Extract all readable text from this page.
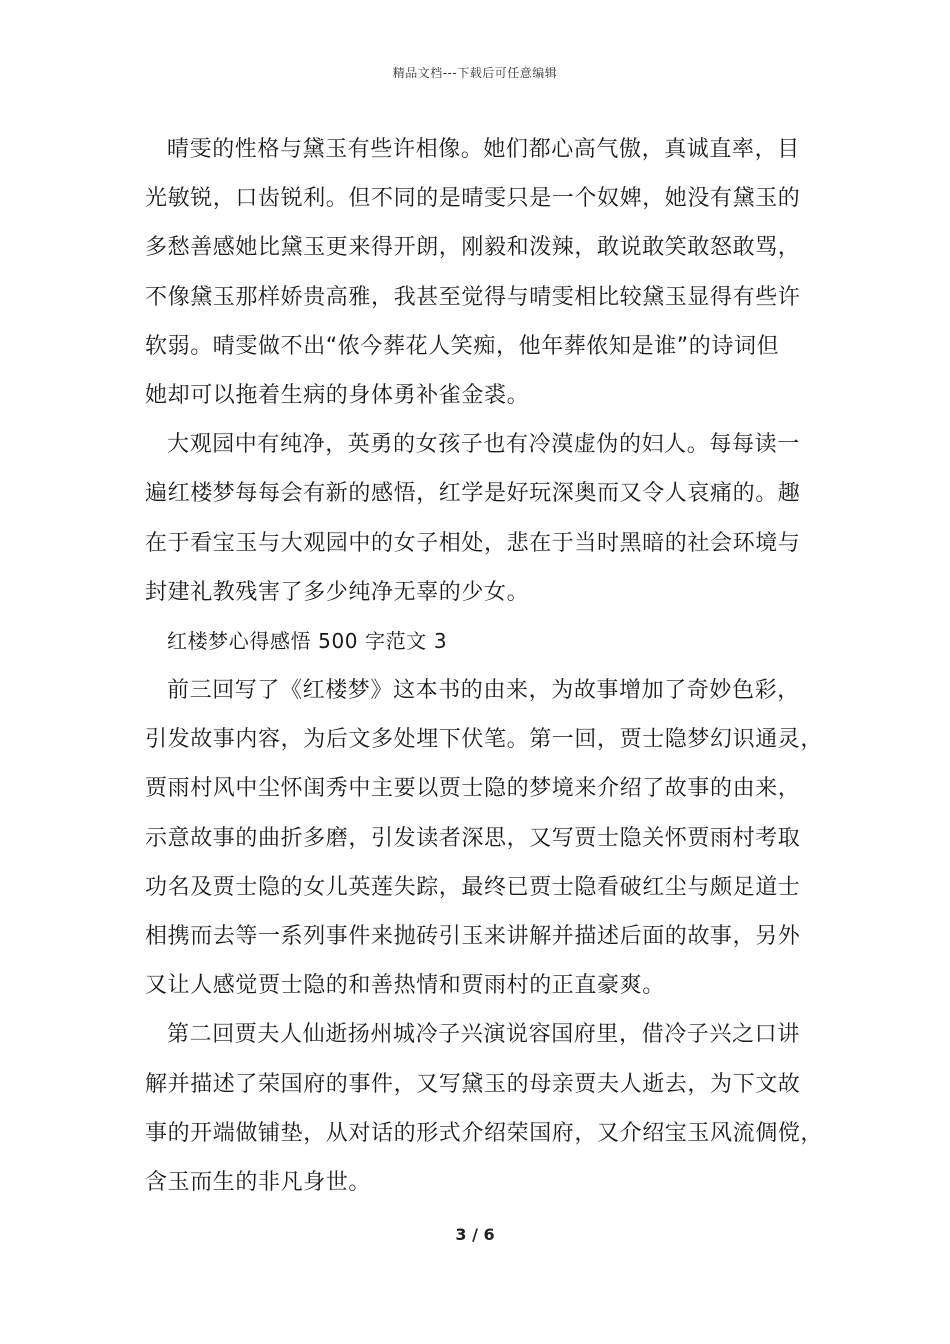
精品文档---下载后可任意编辑
晴雯的性格与黛玉有些许相像。她们都心高气傲，真诚直率，目
光敏锐，口齿锐利。但不同的是晴雯只是一个奴婢，她没有黛玉的
多愁善感她比黛玉更来得开朗，刚毅和泼辣，敢说敢笑敢怒敢骂，
不像黛玉那样娇贵高雅，我甚至觉得与晴雯相比较黛玉显得有些许
软弱。晴雯做不出“侬今葬花人笑痴，他年葬侬知是谁”的诗词但
她却可以拖着生病的身体勇补雀金裘。
大观园中有纯净，英勇的女孩子也有冷漠虚伪的妇人。每每读一
遍红楼梦每每会有新的感悟，红学是好玩深奥而又令人哀痛的。趣
在于看宝玉与大观园中的女子相处，悲在于当时黑暗的社会环境与
封建礼教残害了多少纯净无辜的少女。
红楼梦心得感悟 500 字范文 3
前三回写了《红楼梦》这本书的由来，为故事增加了奇妙色彩，
引发故事内容，为后文多处埋下伏笔。第一回，贾士隐梦幻识通灵，
贾雨村风中尘怀闺秀中主要以贾士隐的梦境来介绍了故事的由来，
示意故事的曲折多磨，引发读者深思，又写贾士隐关怀贾雨村考取
功名及贾士隐的女儿英莲失踪，最终已贾士隐看破红尘与颇足道士
相携而去等一系列事件来抛砖引玉来讲解并描述后面的故事，另外
又让人感觉贾士隐的和善热情和贾雨村的正直豪爽。
第二回贾夫人仙逝扬州城冷子兴演说容国府里，借冷子兴之口讲
解并描述了荣国府的事件，又写黛玉的母亲贾夫人逝去，为下文故
事的开端做铺垫，从对话的形式介绍荣国府，又介绍宝玉风流倜傥，
含玉而生的非凡身世。
3 / 6
